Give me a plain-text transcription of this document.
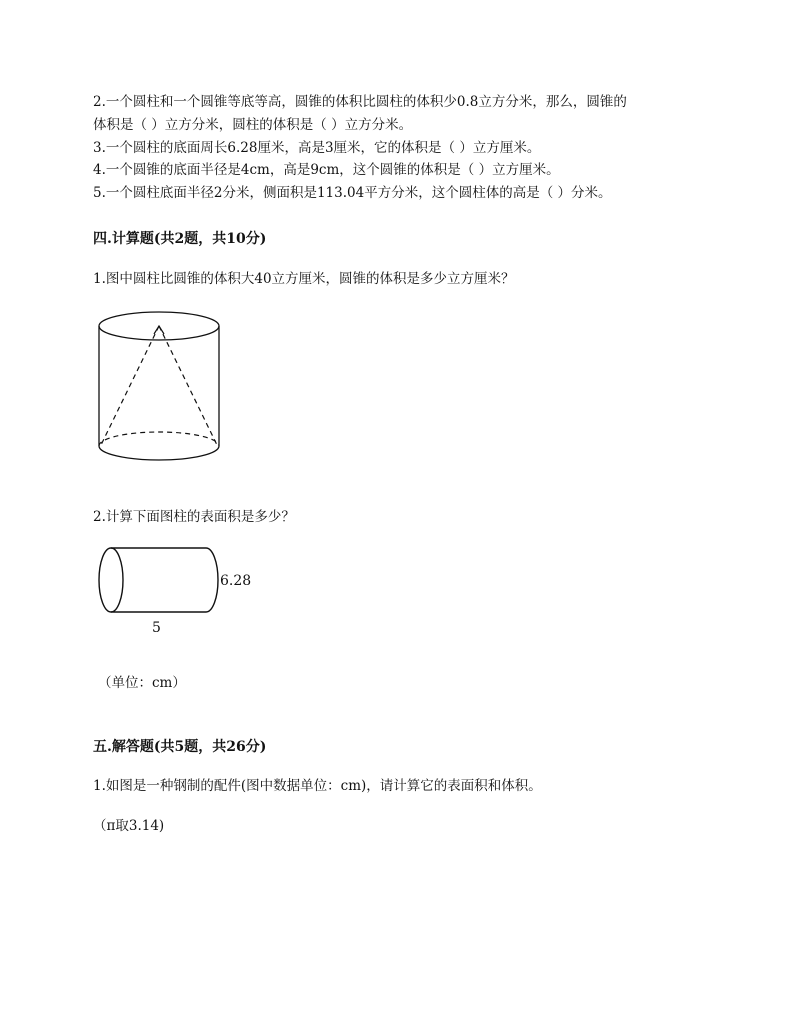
2.一个圆柱和一个圆锥等底等高，圆锥的体积比圆柱的体积少0.8立方分米，那么，圆锥的
体积是（ ）立方分米，圆柱的体积是（ ）立方分米。
3.一个圆柱的底面周长6.28厘米，高是3厘米，它的体积是（ ）立方厘米。
4.一个圆锥的底面半径是4cm，高是9cm，这个圆锥的体积是（ ）立方厘米。
5.一个圆柱底面半径2分米，侧面积是113.04平方分米，这个圆柱体的高是（ ）分米。
四.计算题(共2题，共10分)
1.图中圆柱比圆锥的体积大40立方厘米，圆锥的体积是多少立方厘米？
2.计算下面图柱的表面积是多少？
6.28
5
（单位：cm）
五.解答题(共5题，共26分)
1.如图是一种钢制的配件(图中数据单位：cm)，请计算它的表面积和体积。
（π取3.14)
